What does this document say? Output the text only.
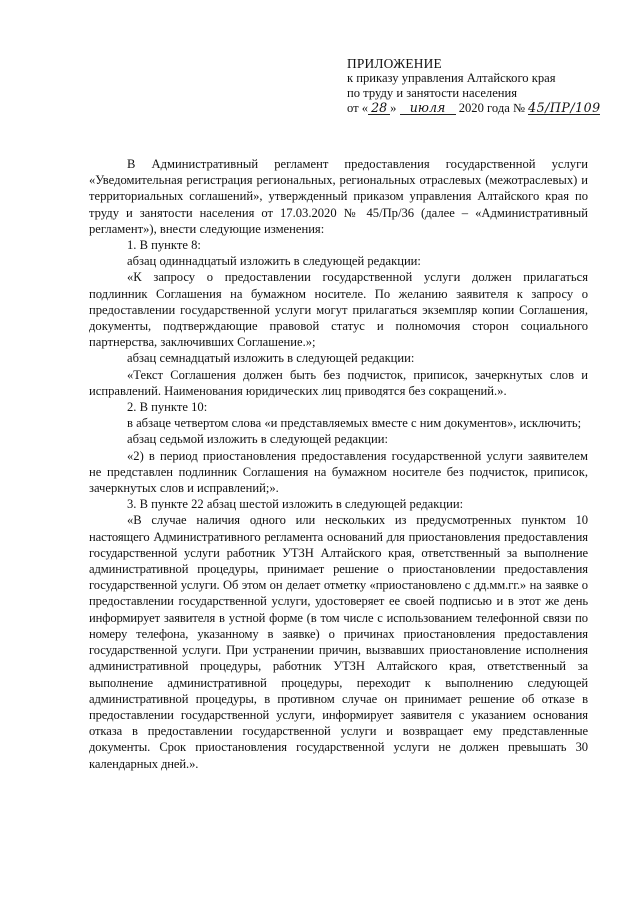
ПРИЛОЖЕНИЕ
к приказу управления Алтайского края
по труду и занятости населения
от « 28 » июля 2020 года № 45/ПР/109

В Административный регламент предоставления государственной услуги «Уведомительная регистрация региональных, региональных отраслевых (межотраслевых) и территориальных соглашений», утвержденный приказом управления Алтайского края по труду и занятости населения от 17.03.2020 № 45/Пр/36 (далее – «Административный регламент»), внести следующие изменения:

1. В пункте 8:

абзац одиннадцатый изложить в следующей редакции:

«К запросу о предоставлении государственной услуги должен прилагаться подлинник Соглашения на бумажном носителе. По желанию заявителя к запросу о предоставлении государственной услуги могут прилагаться экземпляр копии Соглашения, документы, подтверждающие правовой статус и полномочия сторон социального партнерства, заключивших Соглашение.»;

абзац семнадцатый изложить в следующей редакции:

«Текст Соглашения должен быть без подчисток, приписок, зачеркнутых слов и исправлений. Наименования юридических лиц приводятся без сокращений.».

2. В пункте 10:

в абзаце четвертом слова «и представляемых вместе с ним документов», исключить;

абзац седьмой изложить в следующей редакции:

«2) в период приостановления предоставления государственной услуги заявителем не представлен подлинник Соглашения на бумажном носителе без подчисток, приписок, зачеркнутых слов и исправлений;».

3. В пункте 22 абзац шестой изложить в следующей редакции:

«В случае наличия одного или нескольких из предусмотренных пунктом 10 настоящего Административного регламента оснований для приостановления предоставления государственной услуги работник УТЗН Алтайского края, ответственный за выполнение административной процедуры, принимает решение о приостановлении предоставления государственной услуги. Об этом он делает отметку «приостановлено с дд.мм.гг.» на заявке о предоставлении государственной услуги, удостоверяет ее своей подписью и в этот же день информирует заявителя в устной форме (в том числе с использованием телефонной связи по номеру телефона, указанному в заявке) о причинах приостановления предоставления государственной услуги. При устранении причин, вызвавших приостановление исполнения административной процедуры, работник УТЗН Алтайского края, ответственный за выполнение административной процедуры, переходит к выполнению следующей административной процедуры, в противном случае он принимает решение об отказе в предоставлении государственной услуги, информирует заявителя с указанием основания отказа в предоставлении государственной услуги и возвращает ему представленные документы. Срок приостановления государственной услуги не должен превышать 30 календарных дней.».
